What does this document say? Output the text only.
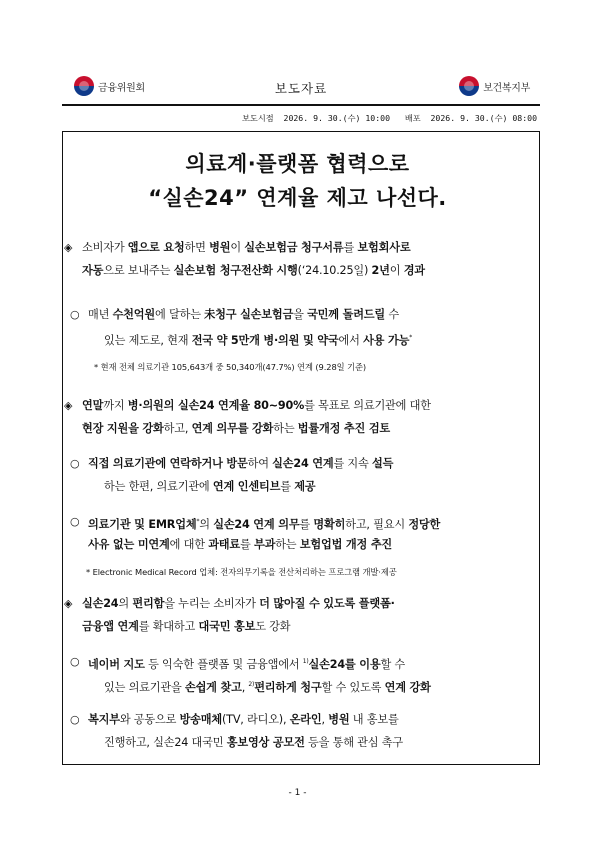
금융위원회	보도자료	보건복지부
보도시점 2026. 9. 30.(수) 10:00 배포 2026. 9. 30.(수) 08:00
의료계·플랫폼 협력으로
“실손24” 연계율 제고 나선다.
◈ 소비자가 앱으로 요청하면 병원이 실손보험금 청구서류를 보험회사로
자동으로 보내주는 실손보험 청구전산화 시행(‘24.10.25일) 2년이 경과
○ 매년 수천억원에 달하는 未청구 실손보험금을 국민께 돌려드릴 수
있는 제도로, 현재 전국 약 5만개 병·의원 및 약국에서 사용 가능*
* 현재 전체 의료기관 105,643개 중 50,340개(47.7%) 연계 (9.28일 기준)
◈ 연말까지 병·의원의 실손24 연계율 80~90%를 목표로 의료기관에 대한
현장 지원을 강화하고, 연계 의무를 강화하는 법률개정 추진 검토
○ 직접 의료기관에 연락하거나 방문하여 실손24 연계를 지속 설득
하는 한편, 의료기관에 연계 인센티브를 제공
○ 의료기관 및 EMR업체*의 실손24 연계 의무를 명확히하고, 필요시 정당한
사유 없는 미연계에 대한 과태료를 부과하는 보험업법 개정 추진
* Electronic Medical Record 업체: 전자의무기록을 전산처리하는 프로그램 개발·제공
◈ 실손24의 편리함을 누리는 소비자가 더 많아질 수 있도록 플랫폼·
금융앱 연계를 확대하고 대국민 홍보도 강화
○ 네이버 지도 등 익숙한 플랫폼 및 금융앱에서 $^{1)}$실손24를 이용할 수
있는 의료기관을 손쉽게 찾고, $^{2)}$편리하게 청구할 수 있도록 연계 강화
○ 복지부와 공동으로 방송매체(TV, 라디오), 온라인, 병원 내 홍보를
진행하고, 실손24 대국민 홍보영상 공모전 등을 통해 관심 촉구
- 1 -
